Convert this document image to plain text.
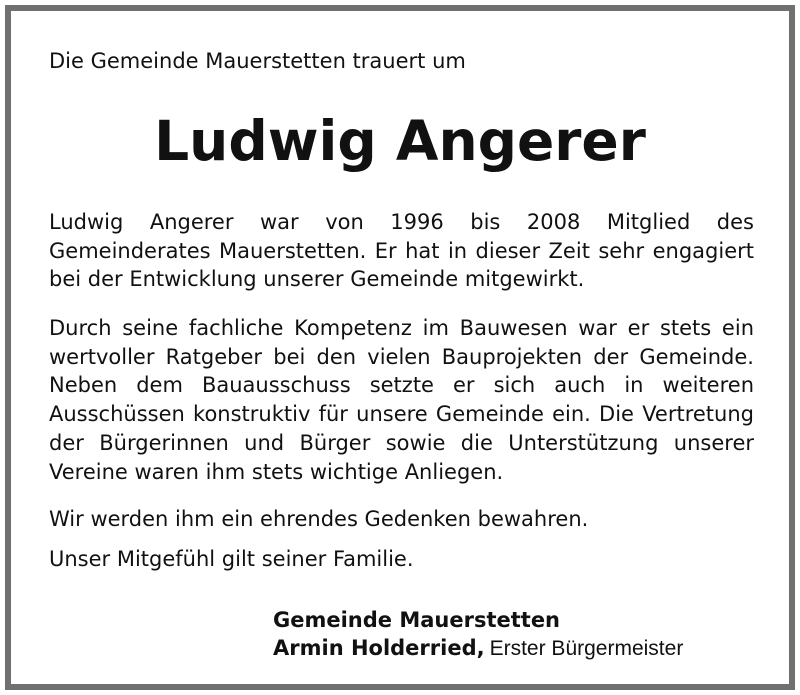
Die Gemeinde Mauerstetten trauert um
Ludwig Angerer

Ludwig Angerer war von 1996 bis 2008 Mitglied des Gemeinderates Mauerstetten. Er hat in dieser Zeit sehr engagiert bei der Entwicklung unserer Gemeinde mitgewirkt.

Durch seine fachliche Kompetenz im Bauwesen war er stets ein wertvoller Ratgeber bei den vielen Bauprojekten der Gemeinde. Neben dem Bauausschuss setzte er sich auch in weiteren Ausschüssen konstruktiv für unsere Gemeinde ein. Die Vertretung der Bürgerinnen und Bürger sowie die Unterstützung unserer Vereine waren ihm stets wichtige Anliegen.

Wir werden ihm ein ehrendes Gedenken bewahren.

Unser Mitgefühl gilt seiner Familie.

Gemeinde Mauerstetten
Armin Holderried, Erster Bürgermeister
